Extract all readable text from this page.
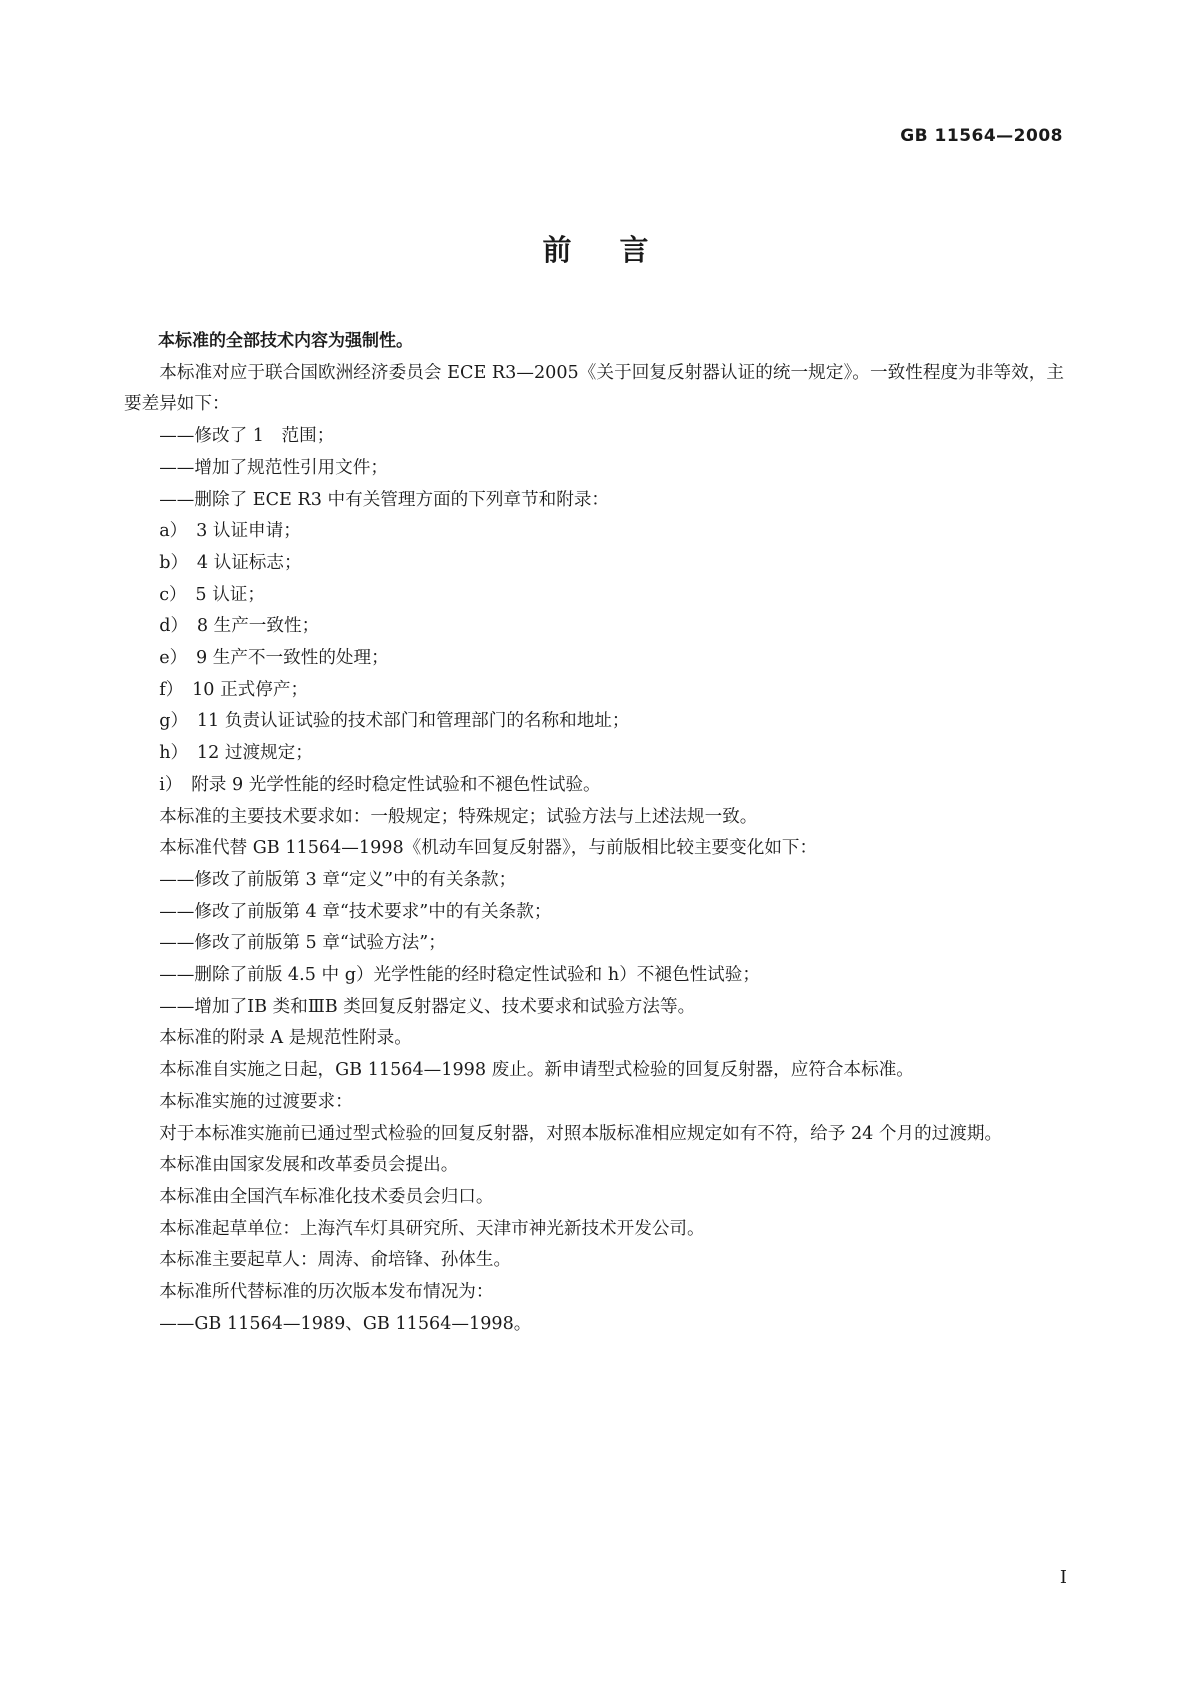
GB 11564—2008
前言

本标准的全部技术内容为强制性。

本标准对应于联合国欧洲经济委员会 ECE R3—2005《关于回复反射器认证的统一规定》。一致性程度为非等效，主要差异如下：

——修改了 1　范围；

——增加了规范性引用文件；

——删除了 ECE R3 中有关管理方面的下列章节和附录：

a）　3 认证申请；

b）　4 认证标志；

c）　5 认证；

d）　8 生产一致性；

e）　9 生产不一致性的处理；

f）　10 正式停产；

g）　11 负责认证试验的技术部门和管理部门的名称和地址；

h）　12 过渡规定；

i）　附录 9 光学性能的经时稳定性试验和不褪色性试验。

本标准的主要技术要求如：一般规定；特殊规定；试验方法与上述法规一致。

本标准代替 GB 11564—1998《机动车回复反射器》，与前版相比较主要变化如下：

——修改了前版第 3 章“定义”中的有关条款；

——修改了前版第 4 章“技术要求”中的有关条款；

——修改了前版第 5 章“试验方法”；

——删除了前版 4.5 中 g）光学性能的经时稳定性试验和 h）不褪色性试验；

——增加了ⅠB 类和ⅢB 类回复反射器定义、技术要求和试验方法等。

本标准的附录 A 是规范性附录。

本标准自实施之日起，GB 11564—1998 废止。新申请型式检验的回复反射器，应符合本标准。

本标准实施的过渡要求：

对于本标准实施前已通过型式检验的回复反射器，对照本版标准相应规定如有不符，给予 24 个月的过渡期。

本标准由国家发展和改革委员会提出。

本标准由全国汽车标准化技术委员会归口。

本标准起草单位：上海汽车灯具研究所、天津市神光新技术开发公司。

本标准主要起草人：周涛、俞培锋、孙体生。

本标准所代替标准的历次版本发布情况为：

——GB 11564—1989、GB 11564—1998。

I
